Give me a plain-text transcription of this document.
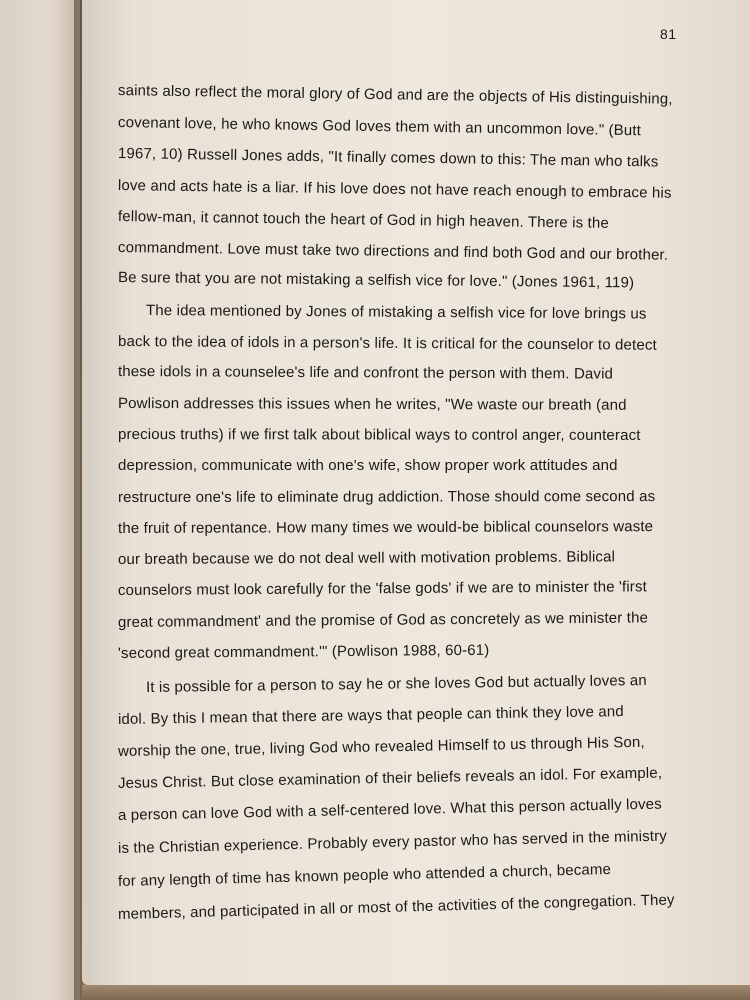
81
saints also reflect the moral glory of God and are the objects of His distinguishing,
covenant love, he who knows God loves them with an uncommon love." (Butt
1967, 10) Russell Jones adds, "It finally comes down to this: The man who talks
love and acts hate is a liar. If his love does not have reach enough to embrace his
fellow-man, it cannot touch the heart of God in high heaven. There is the
commandment. Love must take two directions and find both God and our brother.
Be sure that you are not mistaking a selfish vice for love." (Jones 1961, 119)
The idea mentioned by Jones of mistaking a selfish vice for love brings us
back to the idea of idols in a person's life. It is critical for the counselor to detect
these idols in a counselee's life and confront the person with them. David
Powlison addresses this issues when he writes, "We waste our breath (and
precious truths) if we first talk about biblical ways to control anger, counteract
depression, communicate with one's wife, show proper work attitudes and
restructure one's life to eliminate drug addiction. Those should come second as
the fruit of repentance. How many times we would-be biblical counselors waste
our breath because we do not deal well with motivation problems. Biblical
counselors must look carefully for the 'false gods' if we are to minister the 'first
great commandment' and the promise of God as concretely as we minister the
'second great commandment.'" (Powlison 1988, 60-61)
It is possible for a person to say he or she loves God but actually loves an
idol. By this I mean that there are ways that people can think they love and
worship the one, true, living God who revealed Himself to us through His Son,
Jesus Christ. But close examination of their beliefs reveals an idol. For example,
a person can love God with a self-centered love. What this person actually loves
is the Christian experience. Probably every pastor who has served in the ministry
for any length of time has known people who attended a church, became
members, and participated in all or most of the activities of the congregation. They
